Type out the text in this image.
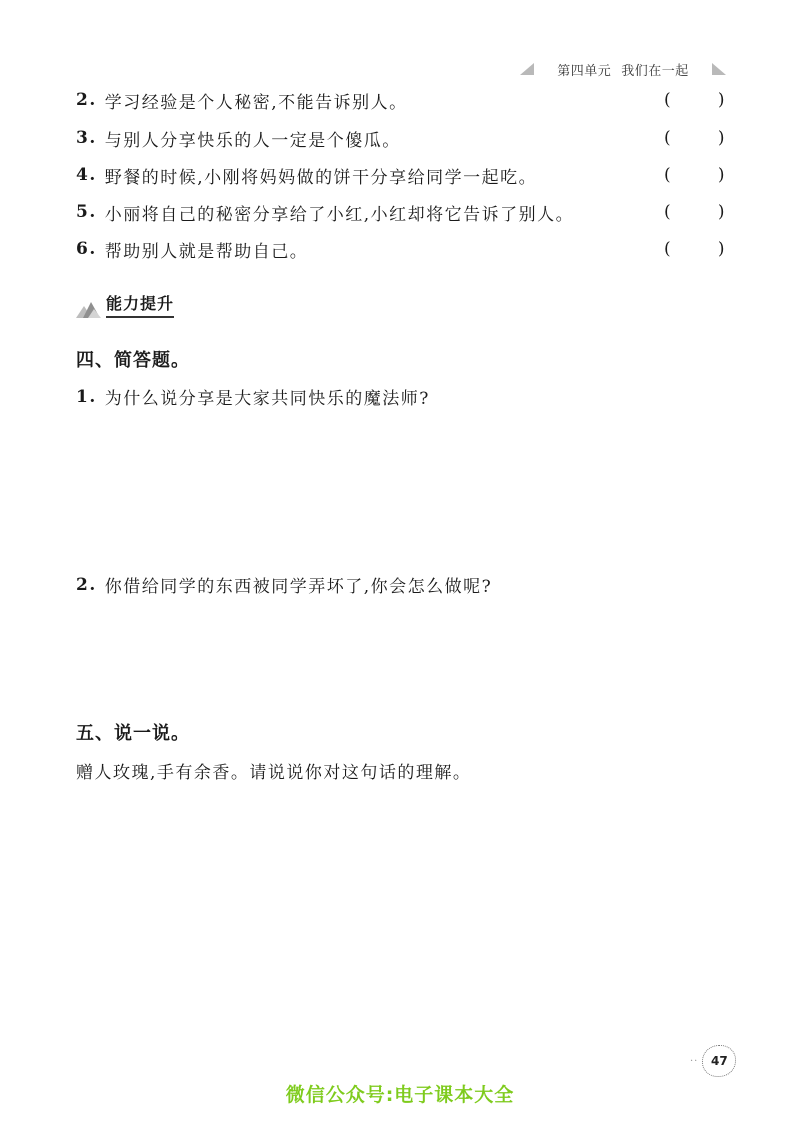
第四单元 我们在一起
2. 学习经验是个人秘密,不能告诉别人。	(	)
3. 与别人分享快乐的人一定是个傻瓜。	(	)
4. 野餐的时候,小刚将妈妈做的饼干分享给同学一起吃。	(	)
5. 小丽将自己的秘密分享给了小红,小红却将它告诉了别人。	(	)
6. 帮助别人就是帮助自己。	(	)
能力提升
四、简答题。
1. 为什么说分享是大家共同快乐的魔法师?
2. 你借给同学的东西被同学弄坏了,你会怎么做呢?
五、说一说。
赠人玫瑰,手有余香。请说说你对这句话的理解。
··	47
微信公众号:电子课本大全
